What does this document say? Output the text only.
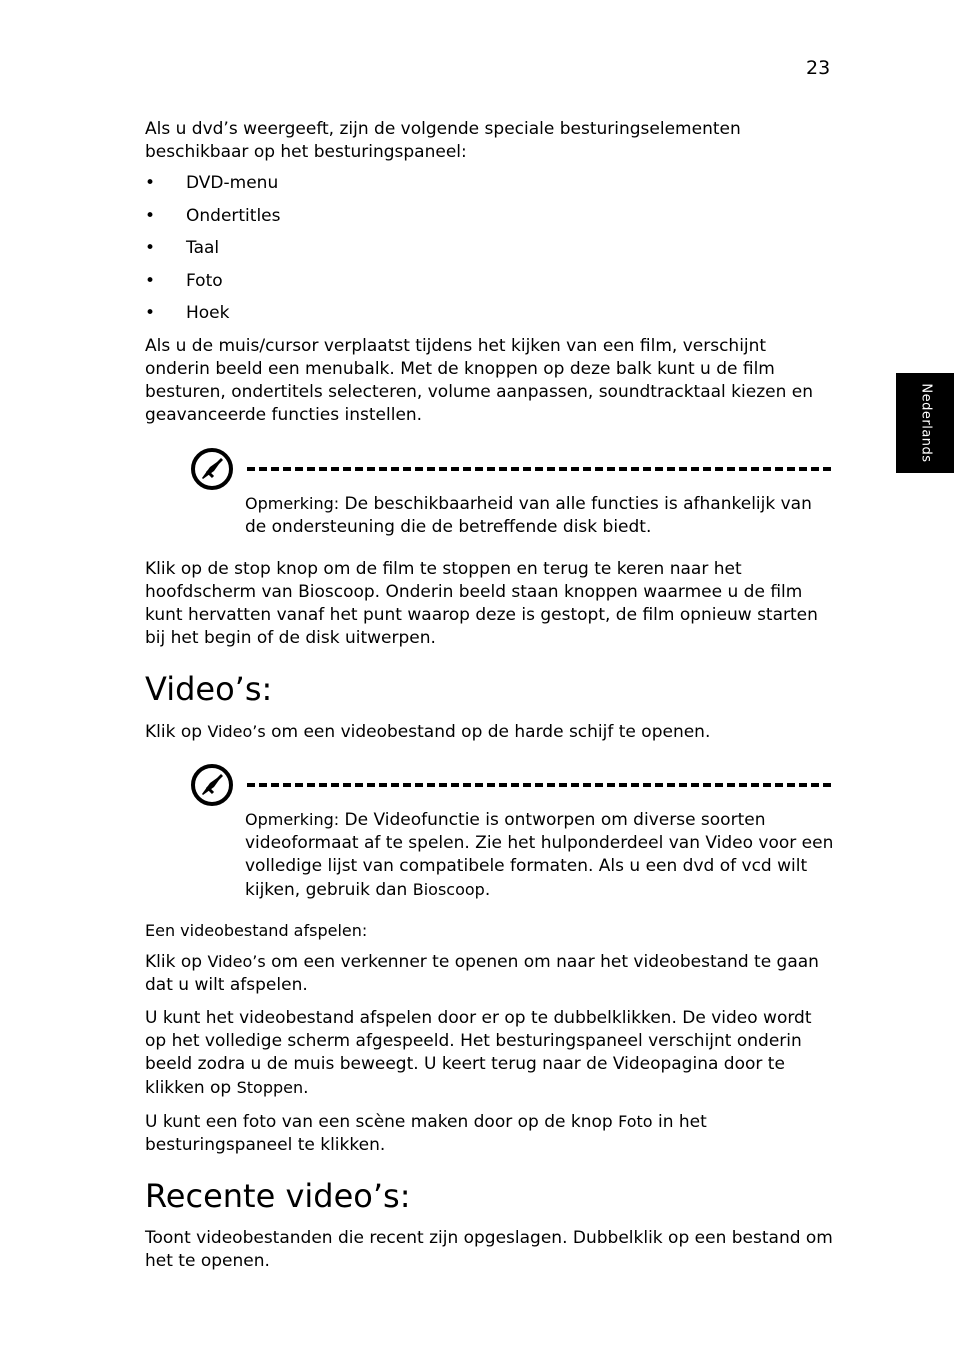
23
Nederlands

Als u dvd’s weergeeft, zijn de volgende speciale besturingselementen beschikbaar op het besturingspaneel:

• DVD-menu
• Ondertitles
• Taal
• Foto
• Hoek

Als u de muis/cursor verplaatst tijdens het kijken van een film, verschijnt onderin beeld een menubalk. Met de knoppen op deze balk kunt u de film besturen, ondertitels selecteren, volume aanpassen, soundtracktaal kiezen en geavanceerde functies instellen.

Opmerking: De beschikbaarheid van alle functies is afhankelijk van de ondersteuning die de betreffende disk biedt.

Klik op de stop knop om de film te stoppen en terug te keren naar het hoofdscherm van Bioscoop. Onderin beeld staan knoppen waarmee u de film kunt hervatten vanaf het punt waarop deze is gestopt, de film opnieuw starten bij het begin of de disk uitwerpen.

Video’s:

Klik op Video’s om een videobestand op de harde schijf te openen.

Opmerking: De Videofunctie is ontworpen om diverse soorten videoformaat af te spelen. Zie het hulponderdeel van Video voor een volledige lijst van compatibele formaten. Als u een dvd of vcd wilt kijken, gebruik dan Bioscoop.

Een videobestand afspelen:

Klik op Video’s om een verkenner te openen om naar het videobestand te gaan dat u wilt afspelen.

U kunt het videobestand afspelen door er op te dubbelklikken. De video wordt op het volledige scherm afgespeeld. Het besturingspaneel verschijnt onderin beeld zodra u de muis beweegt. U keert terug naar de Videopagina door te klikken op Stoppen.

U kunt een foto van een scène maken door op de knop Foto in het besturingspaneel te klikken.

Recente video’s:

Toont videobestanden die recent zijn opgeslagen. Dubbelklik op een bestand om het te openen.
